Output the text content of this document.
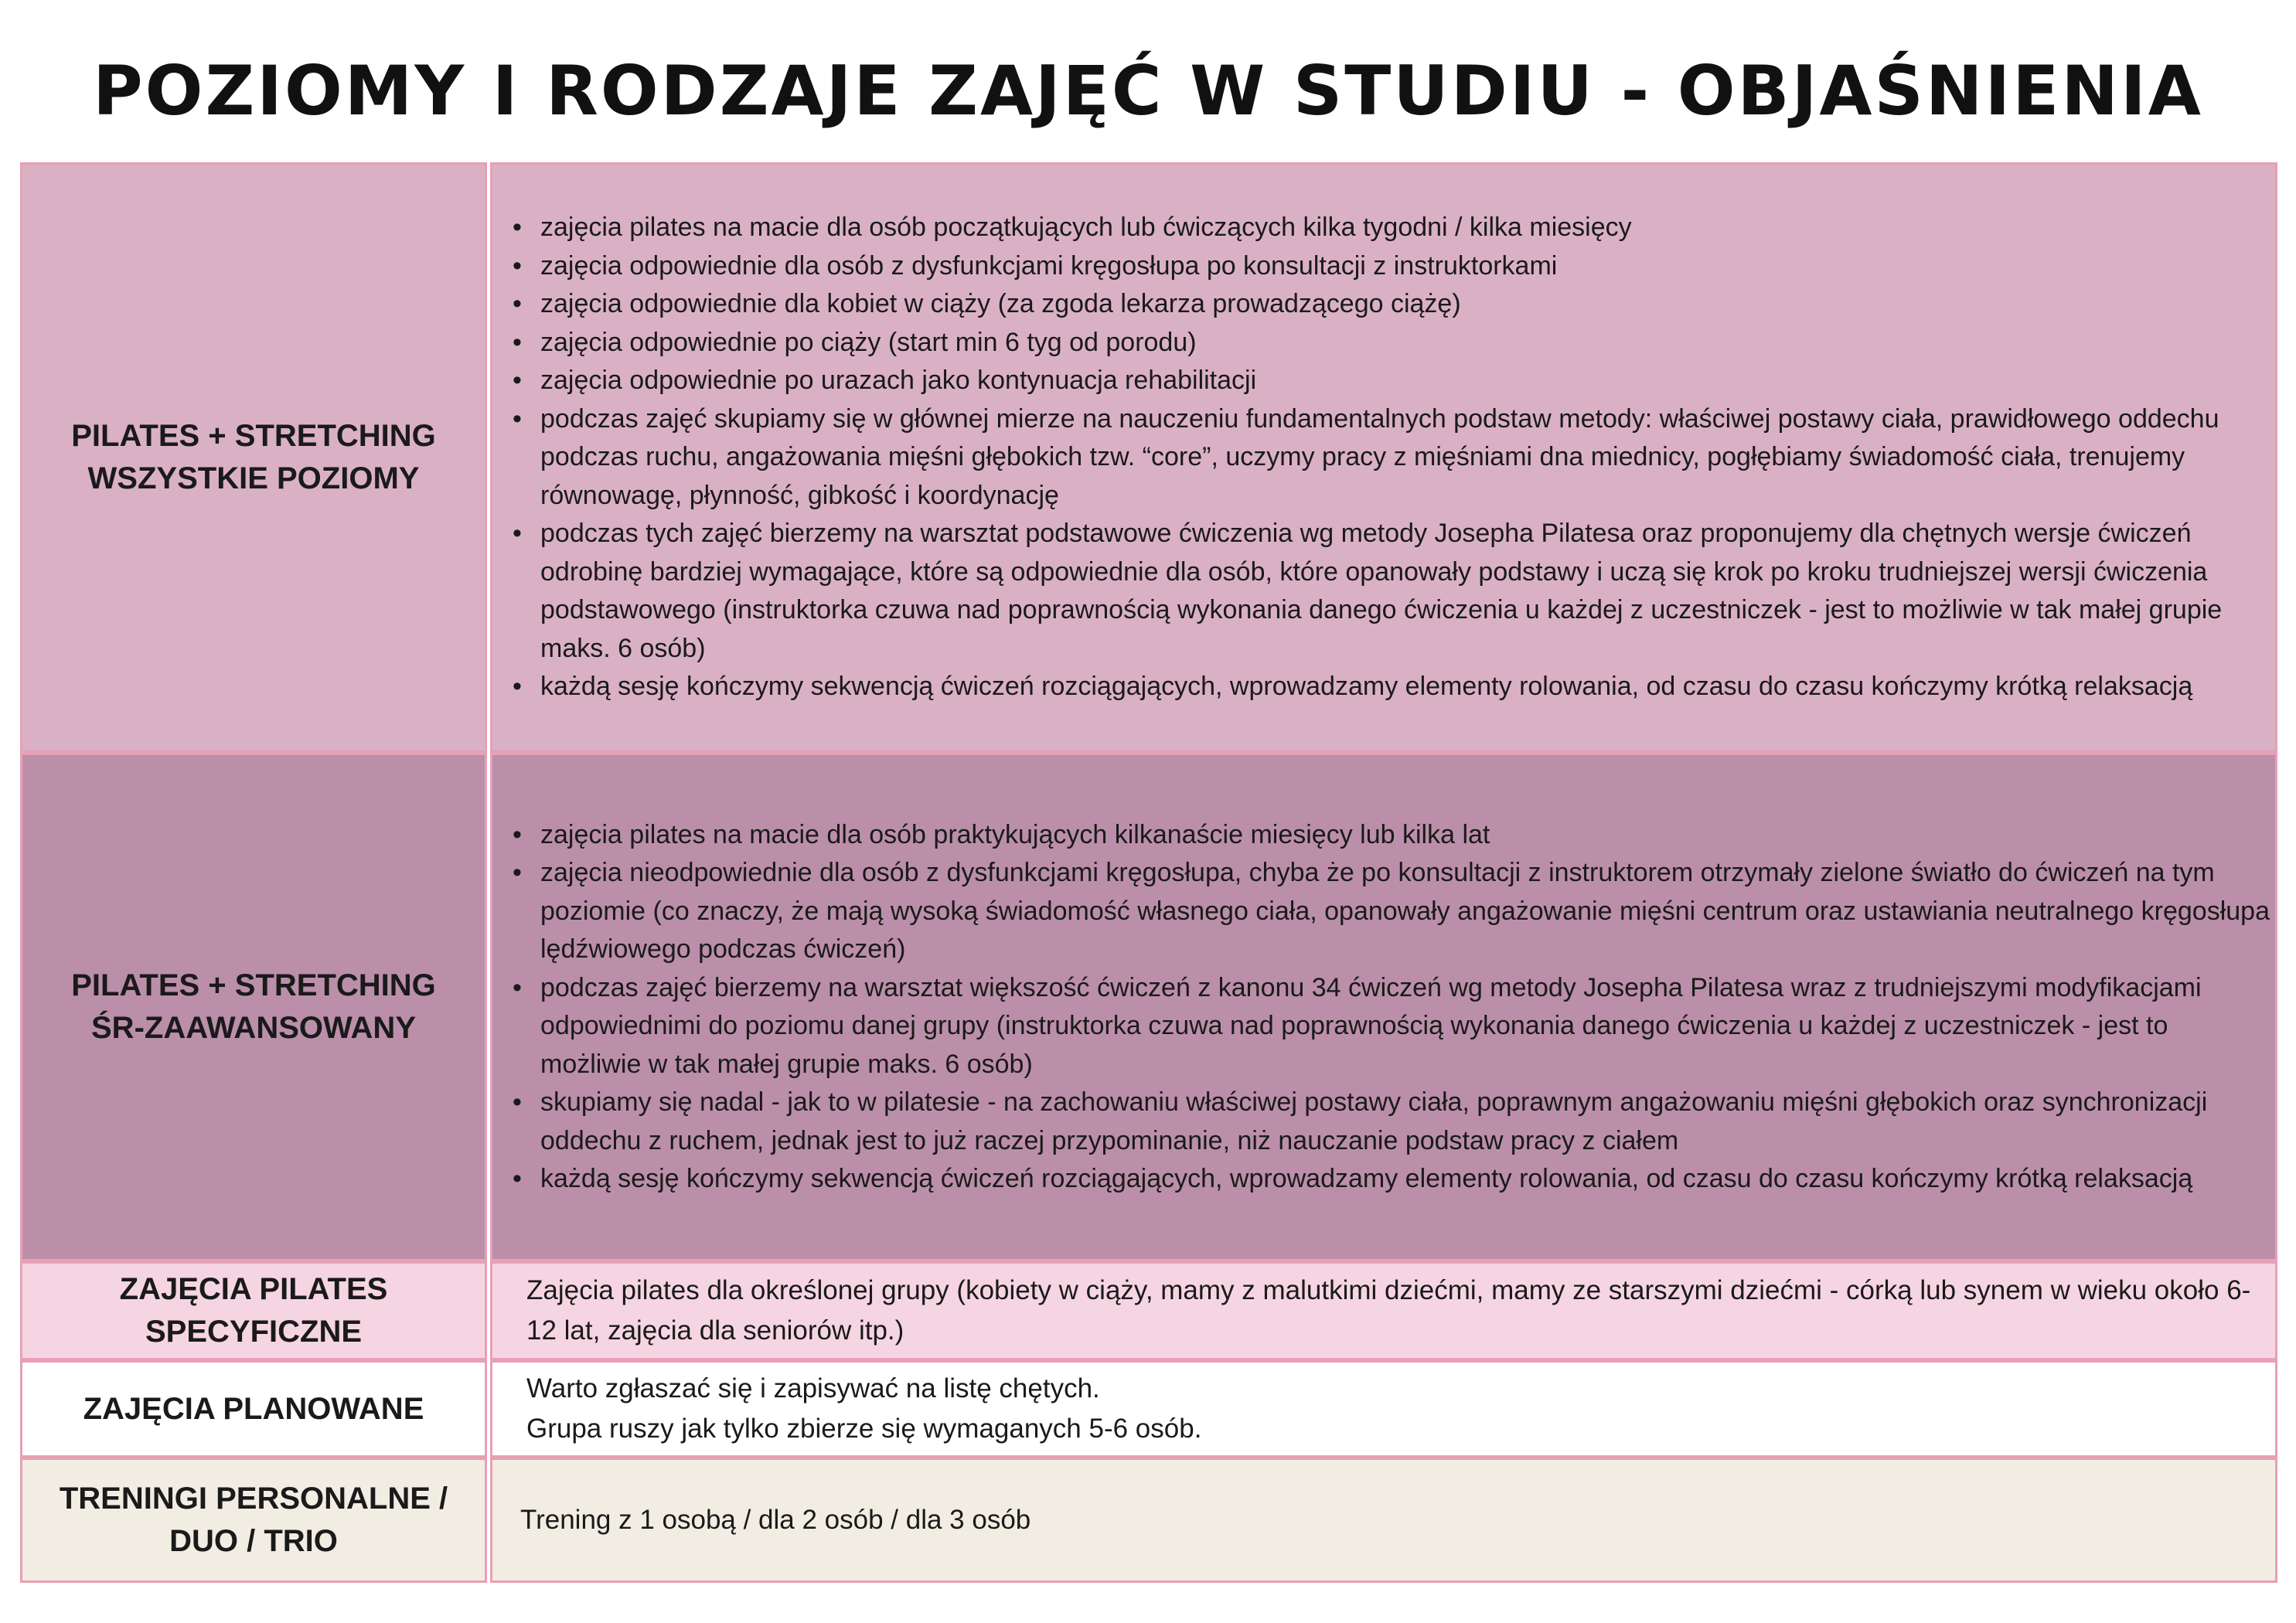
POZIOMY I RODZAJE ZAJĘĆ W STUDIU - OBJAŚNIENIA
PILATES + STRETCHING
WSZYSTKIE POZIOMY
• zajęcia pilates na macie dla osób początkujących lub ćwiczących kilka tygodni / kilka miesięcy
• zajęcia odpowiednie dla osób z dysfunkcjami kręgosłupa po konsultacji z instruktorkami
• zajęcia odpowiednie dla kobiet w ciąży (za zgoda lekarza prowadzącego ciążę)
• zajęcia odpowiednie po ciąży (start min 6 tyg od porodu)
• zajęcia odpowiednie po urazach jako kontynuacja rehabilitacji
• podczas zajęć skupiamy się w głównej mierze na nauczeniu fundamentalnych podstaw metody: właściwej postawy ciała, prawidłowego oddechu podczas ruchu, angażowania mięśni głębokich tzw. “core”, uczymy pracy z mięśniami dna miednicy, pogłębiamy świadomość ciała, trenujemy równowagę, płynność, gibkość i koordynację
• podczas tych zajęć bierzemy na warsztat podstawowe ćwiczenia wg metody Josepha Pilatesa oraz proponujemy dla chętnych wersje ćwiczeń odrobinę bardziej wymagające, które są odpowiednie dla osób, które opanowały podstawy i uczą się krok po kroku trudniejszej wersji ćwiczenia podstawowego (instruktorka czuwa nad poprawnością wykonania danego ćwiczenia u każdej z uczestniczek - jest to możliwie w tak małej grupie maks. 6 osób)
• każdą sesję kończymy sekwencją ćwiczeń rozciągających, wprowadzamy elementy rolowania, od czasu do czasu kończymy krótką relaksacją
PILATES + STRETCHING
ŚR-ZAAWANSOWANY
• zajęcia pilates na macie dla osób praktykujących kilkanaście miesięcy lub kilka lat
• zajęcia nieodpowiednie dla osób z dysfunkcjami kręgosłupa, chyba że po konsultacji z instruktorem otrzymały zielone światło do ćwiczeń na tym poziomie (co znaczy, że mają wysoką świadomość własnego ciała, opanowały angażowanie mięśni centrum oraz ustawiania neutralnego kręgosłupa lędźwiowego podczas ćwiczeń)
• podczas zajęć bierzemy na warsztat większość ćwiczeń z kanonu 34 ćwiczeń wg metody Josepha Pilatesa wraz z trudniejszymi modyfikacjami odpowiednimi do poziomu danej grupy (instruktorka czuwa nad poprawnością wykonania danego ćwiczenia u każdej z uczestniczek - jest to możliwie w tak małej grupie maks. 6 osób)
• skupiamy się nadal - jak to w pilatesie - na zachowaniu właściwej postawy ciała, poprawnym angażowaniu mięśni głębokich oraz synchronizacji oddechu z ruchem, jednak jest to już raczej przypominanie, niż nauczanie podstaw pracy z ciałem
• każdą sesję kończymy sekwencją ćwiczeń rozciągających, wprowadzamy elementy rolowania, od czasu do czasu kończymy krótką relaksacją
ZAJĘCIA PILATES
SPECYFICZNE
Zajęcia pilates dla określonej grupy (kobiety w ciąży, mamy z malutkimi dziećmi, mamy ze starszymi dziećmi - córką lub synem w wieku około 6-12 lat, zajęcia dla seniorów itp.)
ZAJĘCIA PLANOWANE
Warto zgłaszać się i zapisywać na listę chętych.
Grupa ruszy jak tylko zbierze się wymaganych 5-6 osób.
TRENINGI PERSONALNE /
DUO / TRIO
Trening z 1 osobą / dla 2 osób / dla 3 osób
